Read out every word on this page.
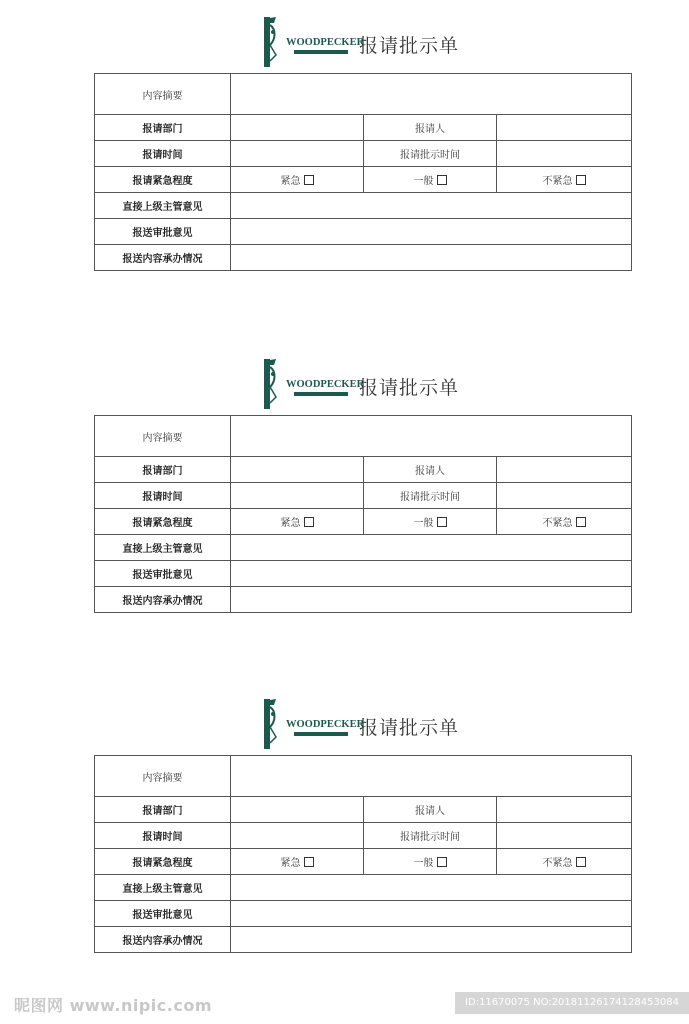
WOODPECKER
报请批示单
内容摘要			
报请部门		报请人	
报请时间		报请批示时间	
报请紧急程度	紧急	一般	不紧急
直接上级主管意见			
报送审批意见			
报送内容承办情况			
WOODPECKER
报请批示单
内容摘要			
报请部门		报请人	
报请时间		报请批示时间	
报请紧急程度	紧急	一般	不紧急
直接上级主管意见			
报送审批意见			
报送内容承办情况			
WOODPECKER
报请批示单
内容摘要			
报请部门		报请人	
报请时间		报请批示时间	
报请紧急程度	紧急	一般	不紧急
直接上级主管意见			
报送审批意见			
报送内容承办情况			
昵图网 www.nipic.com	ID:11670075 NO:20181126174128453084
